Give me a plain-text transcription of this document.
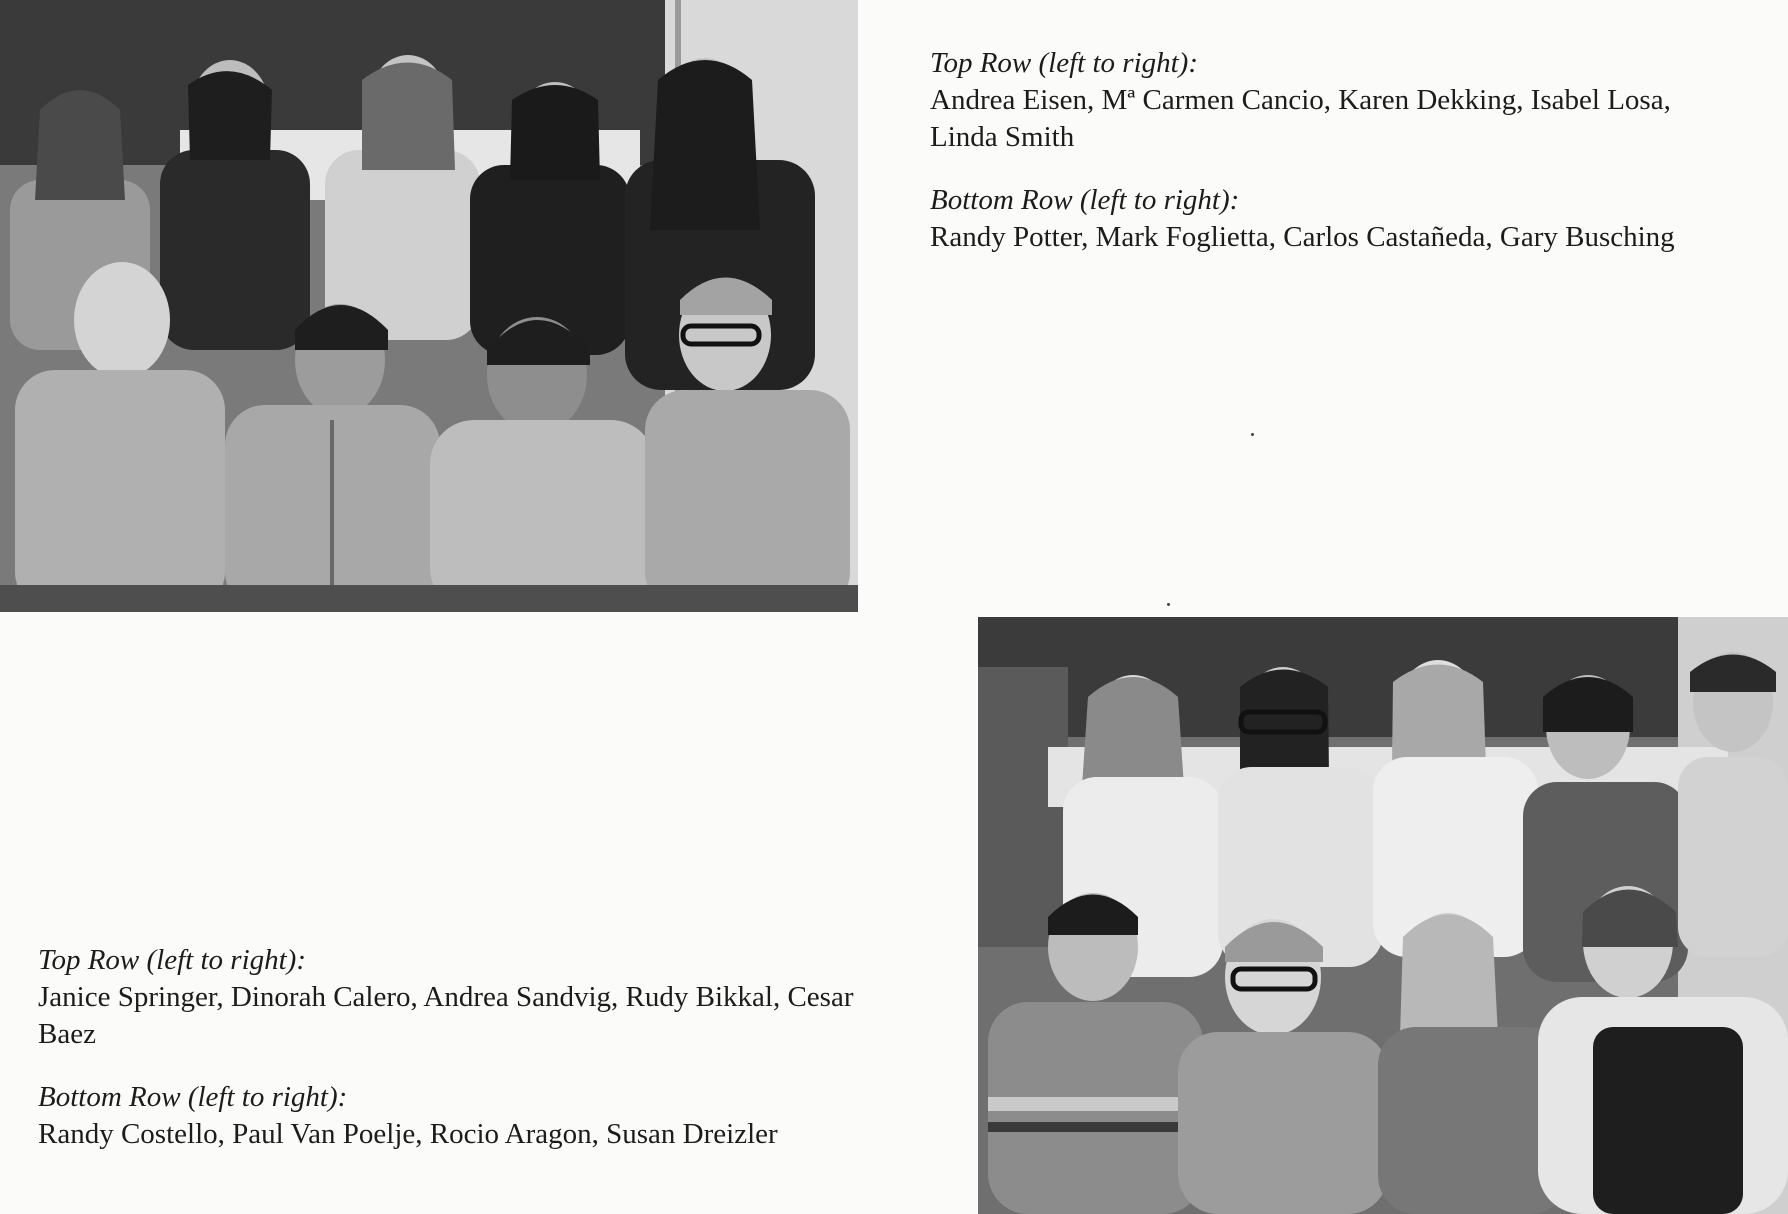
Top Row (left to right):
Andrea Eisen, Mª Carmen Cancio, Karen Dekking, Isabel Losa, Linda Smith
Bottom Row (left to right):
Randy Potter, Mark Foglietta, Carlos Castañeda, Gary Busching
Top Row (left to right):
Janice Springer, Dinorah Calero, Andrea Sandvig, Rudy Bikkal, Cesar Baez
Bottom Row (left to right):
Randy Costello, Paul Van Poelje, Rocio Aragon, Susan Dreizler
